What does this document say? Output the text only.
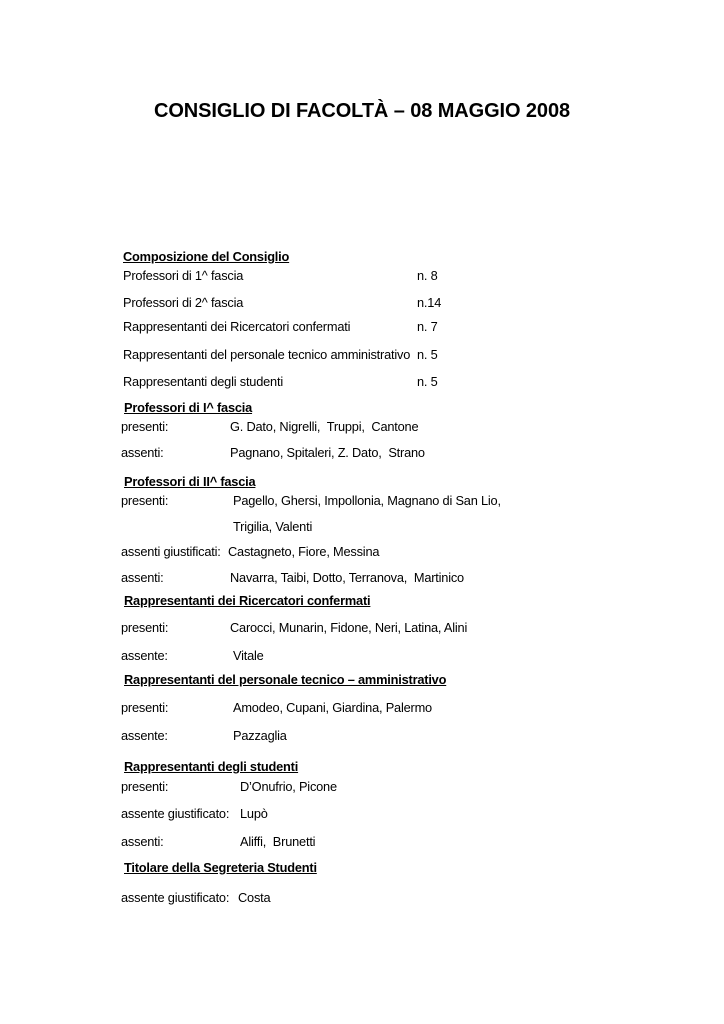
CONSIGLIO DI FACOLTÀ – 08 MAGGIO 2008
Composizione del Consiglio
Professori di 1^ fascia	n. 8
Professori di 2^ fascia	n.14
Rappresentanti dei Ricercatori confermati	n. 7
Rappresentanti del personale tecnico amministrativo n. 5
Rappresentanti degli studenti	n. 5
Professori di I^ fascia
presenti:	G. Dato, Nigrelli,  Truppi,  Cantone
assenti:	Pagnano, Spitaleri, Z. Dato,  Strano
Professori di II^ fascia
presenti:	Pagello, Ghersi, Impollonia, Magnano di San Lio,
Trigilia, Valenti
assenti giustificati: Castagneto, Fiore, Messina
assenti:	Navarra, Taibi, Dotto, Terranova,  Martinico
Rappresentanti dei Ricercatori confermati
presenti:	Carocci, Munarin, Fidone, Neri, Latina, Alini
assente:	Vitale
Rappresentanti del personale tecnico – amministrativo
presenti:	Amodeo, Cupani, Giardina, Palermo
assente:	Pazzaglia
Rappresentanti degli studenti
presenti:	D’Onufrio, Picone
assente giustificato: Lupò
assenti:	Aliffi,  Brunetti
Titolare della Segreteria Studenti
assente giustificato: Costa
